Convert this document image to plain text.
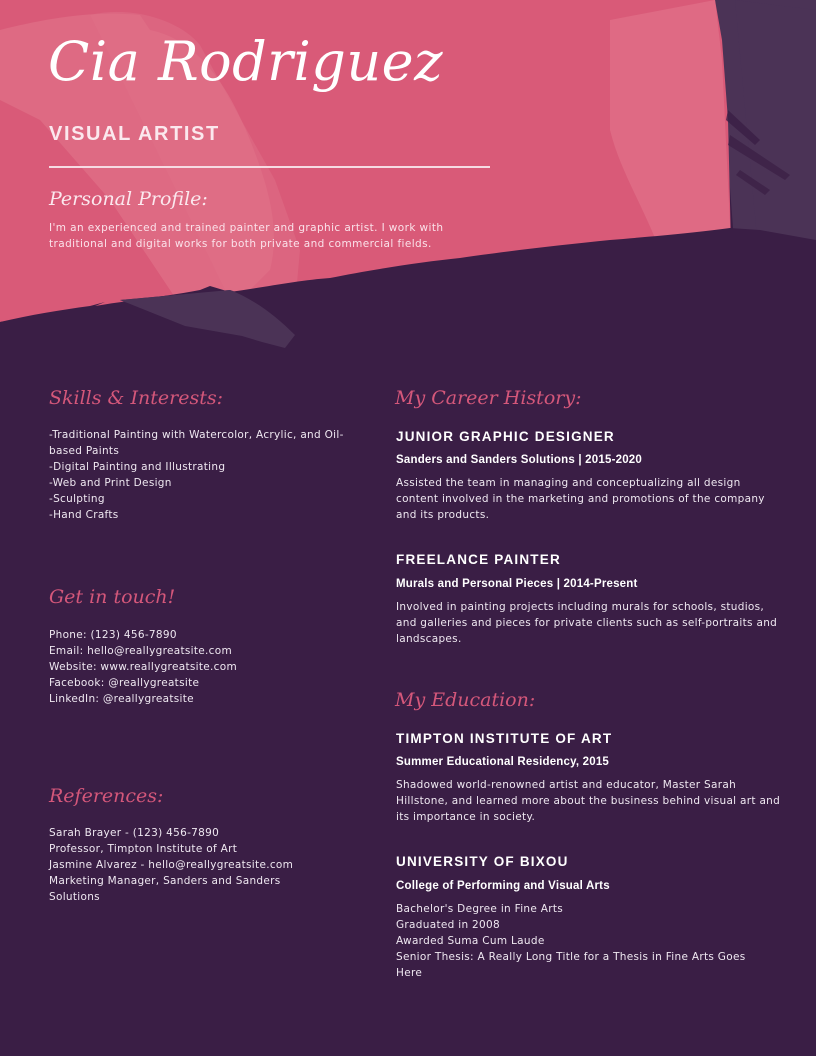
Cia Rodriguez
VISUAL ARTIST
Personal Profile:
I'm an experienced and trained painter and graphic artist. I work with traditional and digital works for both private and commercial fields.
Skills & Interests:
-Traditional Painting with Watercolor, Acrylic, and Oil-based Paints
-Digital Painting and Illustrating
-Web and Print Design
-Sculpting
-Hand Crafts
Get in touch!
Phone: (123) 456-7890
Email: hello@reallygreatsite.com
Website: www.reallygreatsite.com
Facebook: @reallygreatsite
LinkedIn: @reallygreatsite
References:
Sarah Brayer - (123) 456-7890
Professor, Timpton Institute of Art
Jasmine Alvarez - hello@reallygreatsite.com
Marketing Manager, Sanders and Sanders Solutions
My Career History:
JUNIOR GRAPHIC DESIGNER
Sanders and Sanders Solutions | 2015-2020
Assisted the team in managing and conceptualizing all design content involved in the marketing and promotions of the company and its products.
FREELANCE PAINTER
Murals and Personal Pieces | 2014-Present
Involved in painting projects including murals for schools, studios, and galleries and pieces for private clients such as self-portraits and landscapes.
My Education:
TIMPTON INSTITUTE OF ART
Summer Educational Residency, 2015
Shadowed world-renowned artist and educator, Master Sarah Hillstone, and learned more about the business behind visual art and its importance in society.
UNIVERSITY OF BIXOU
College of Performing and Visual Arts
Bachelor's Degree in Fine Arts
Graduated in 2008
Awarded Suma Cum Laude
Senior Thesis: A Really Long Title for a Thesis in Fine Arts Goes Here
